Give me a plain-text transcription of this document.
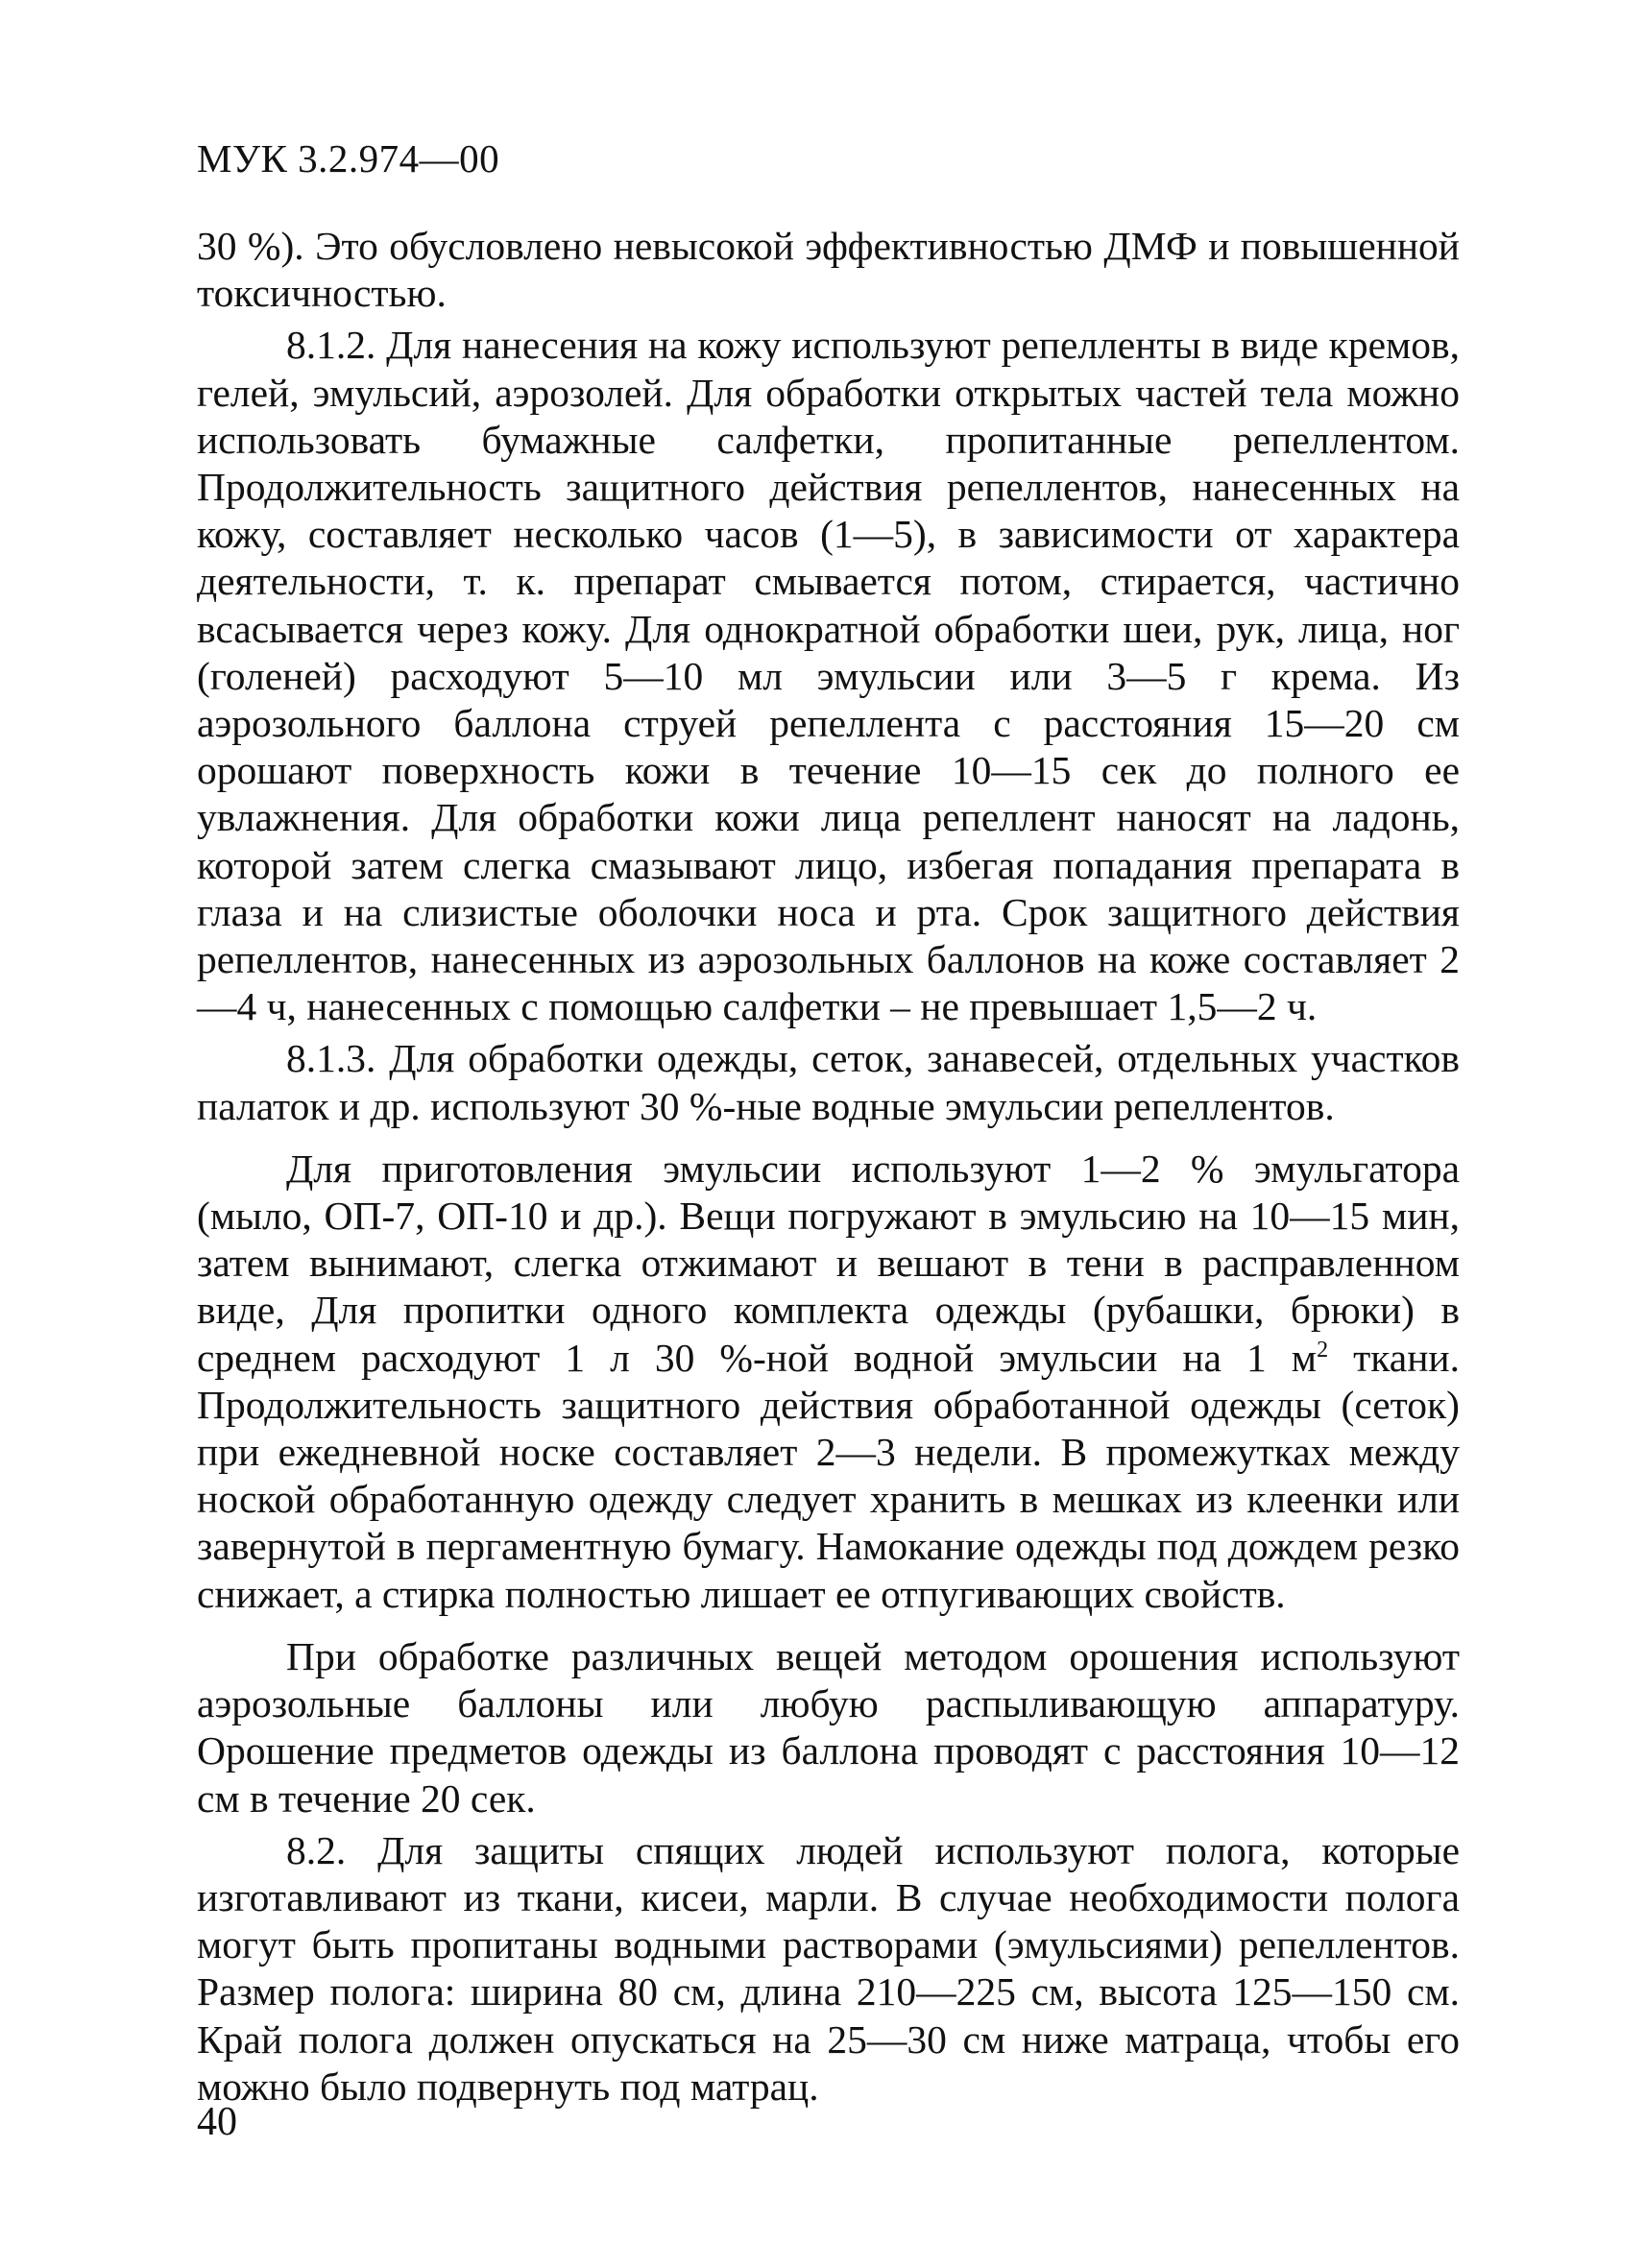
МУК 3.2.974—00

30 %). Это обусловлено невысокой эффективностью ДМФ и повышенной токсичностью.

8.1.2. Для нанесения на кожу используют репелленты в виде кремов, гелей, эмульсий, аэрозолей. Для обработки открытых частей тела можно использовать бумажные салфетки, пропитанные репеллентом. Продолжительность защитного действия репеллентов, нанесенных на кожу, составляет несколько часов (1—5), в зависимости от характера деятельности, т. к. препарат смывается потом, стирается, частично всасывается через кожу. Для однократной обработки шеи, рук, лица, ног (голеней) расходуют 5—10 мл эмульсии или 3—5 г крема. Из аэрозольного баллона струей репеллента с расстояния 15—20 см орошают поверхность кожи в течение 10—15 сек до полного ее увлажнения. Для обработки кожи лица репеллент наносят на ладонь, которой затем слегка смазывают лицо, избегая попадания препарата в глаза и на слизистые оболочки носа и рта. Срок защитного действия репеллентов, нанесенных из аэрозольных баллонов на коже составляет 2—4 ч, нанесенных с помощью салфетки – не превышает 1,5—2 ч.

8.1.3. Для обработки одежды, сеток, занавесей, отдельных участков палаток и др. используют 30 %-ные водные эмульсии репеллентов.

Для приготовления эмульсии используют 1—2 % эмульгатора (мыло, ОП-7, ОП-10 и др.). Вещи погружают в эмульсию на 10—15 мин, затем вынимают, слегка отжимают и вешают в тени в расправленном виде, Для пропитки одного комплекта одежды (рубашки, брюки) в среднем расходуют 1 л 30 %-ной водной эмульсии на 1 $м^2$ ткани. Продолжительность защитного действия обработанной одежды (сеток) при ежедневной носке составляет 2—3 недели. В промежутках между ноской обработанную одежду следует хранить в мешках из клеенки или завернутой в пергаментную бумагу. Намокание одежды под дождем резко снижает, а стирка полностью лишает ее отпугивающих свойств.

При обработке различных вещей методом орошения используют аэрозольные баллоны или любую распыливающую аппаратуру. Орошение предметов одежды из баллона проводят с расстояния 10—12 см в течение 20 сек.

8.2. Для защиты спящих людей используют полога, которые изготавливают из ткани, кисеи, марли. В случае необходимости полога могут быть пропитаны водными растворами (эмульсиями) репеллентов. Размер полога: ширина 80 см, длина 210—225 см, высота 125—150 см. Край полога должен опускаться на 25—30 см ниже матраца, чтобы его можно было подвернуть под матрац.

40
